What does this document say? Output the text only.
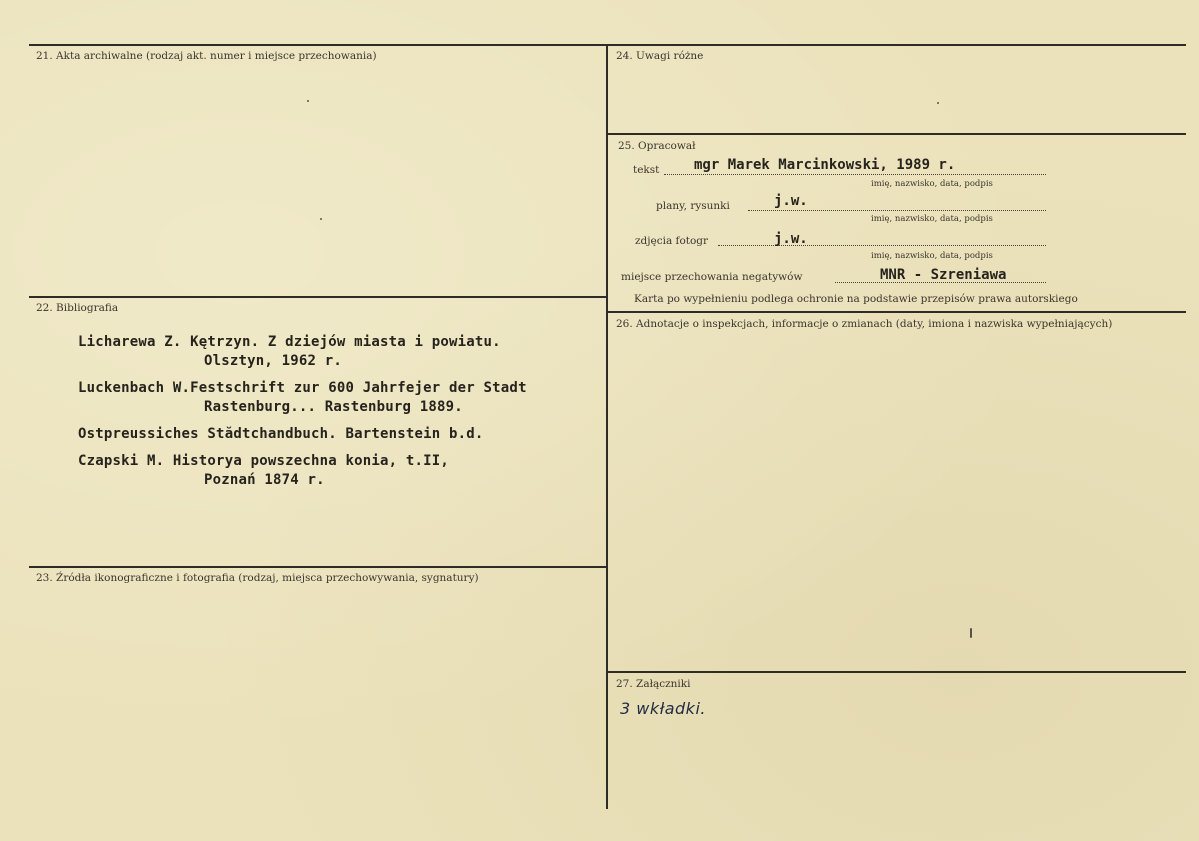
21. Akta archiwalne (rodzaj akt. numer i miejsce przechowania)
22. Bibliografia
Licharewa Z. Kętrzyn. Z dziejów miasta i powiatu.
Olsztyn, 1962 r.
Luckenbach W.Festschrift zur 600 Jahrfejer der Stadt
Rastenburg... Rastenburg 1889.
Ostpreussiches Stădtchandbuch. Bartenstein b.d.
Czapski M. Historya powszechna konia, t.II,
Poznań 1874 r.
23. Źródła ikonograficzne i fotografia (rodzaj, miejsca przechowywania, sygnatury)
24. Uwagi różne
25. Opracował
tekst mgr Marek Marcinkowski, 1989 r.
imię, nazwisko, data, podpis
plany, rysunki	j.w.
imię, nazwisko, data, podpis
zdjęcia fotogr	j.w.
imię, nazwisko, data, podpis
miejsce przechowania negatywów	MNR - Szreniawa
Karta po wypełnieniu podlega ochronie na podstawie przepisów prawa autorskiego
26. Adnotacje o inspekcjach, informacje o zmianach (daty, imiona i nazwiska wypełniających)
27. Załączniki
3 wkładki.
